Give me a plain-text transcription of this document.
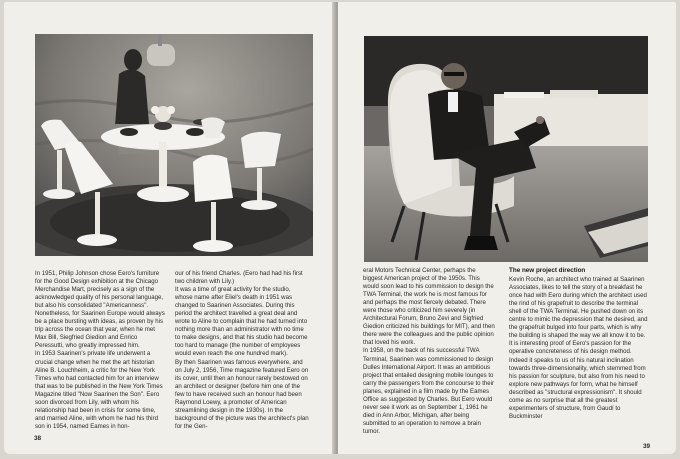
In 1951, Philip Johnson chose Eero's furniture for the Good Design exhibition at the Chicago Merchandise Mart, precisely as a sign of the acknowledged quality of his personal language, but also his consolidated "Americanness". Nonetheless, for Saarinen Europe would always be a place bursting with ideas, as proven by his trip across the ocean that year, when he met Max Bill, Siegfried Giedion and Enrico Peressutti, who greatly impressed him.

In 1953 Saarinen's private life underwent a crucial change when he met the art historian Aline B. Louchheim, a critic for the New York Times who had contacted him for an interview that was to be published in the New York Times Magazine titled "Now Saarinen the Son". Eero soon divorced from Lily, with whom his relationship had been in crisis for some time, and married Aline, with whom he had his third son in 1954, named Eames in hon-

our of his friend Charles. (Eero had had his first two children with Lily.)

It was a time of great activity for the studio, whose name after Eliel's death in 1951 was changed to Saarinen Associates. During this period the architect travelled a great deal and wrote to Aline to complain that he had turned into nothing more than an administrator with no time to make designs, and that his studio had become too hard to manage (the number of employees would even reach the one hundred mark).

By then Saarinen was famous everywhere, and on July 2, 1956, Time magazine featured Eero on its cover, until then an honour rarely bestowed on an architect or designer (before him one of the few to have received such an honour had been Raymond Loewy, a promoter of American streamlining design in the 1930s). In the background of the picture was the architect's plan for the Gen-

38

eral Motors Technical Center, perhaps the biggest American project of the 1950s. This would soon lead to his commission to design the TWA Terminal, the work he is most famous for and perhaps the most fiercely debated. There were those who criticized him severely (in Architectural Forum, Bruno Zevi and Sigfried Giedion criticized his buildings for MIT), and then there were the colleagues and the public opinion that loved his work.

In 1958, on the back of his successful TWA Terminal, Saarinen was commissioned to design Dulles International Airport. It was an ambitious project that entailed designing mobile lounges to carry the passengers from the concourse to their planes, explained in a film made by the Eames Office as suggested by Charles. But Eero would never see it work as on September 1, 1961 he died in Ann Arbor, Michigan, after being submitted to an operation to remove a brain tumor.

The new project direction

Kevin Roche, an architect who trained at Saarinen Associates, likes to tell the story of a breakfast he once had with Eero during which the architect used the rind of his grapefruit to describe the terminal shell of the TWA Terminal. He pushed down on its centre to mimic the depression that he desired, and the grapefruit bulged into four parts, which is why the building is shaped the way we all know it to be. It is interesting proof of Eero's passion for the operative concreteness of his design method. Indeed it speaks to us of his natural inclination towards three-dimensionality, which stemmed from his passion for sculpture, but also from his need to explore new pathways for form, what he himself described as "structural expressionism". It should come as no surprise that all the greatest experimenters of structure, from Gaudí to Buckminster

39
